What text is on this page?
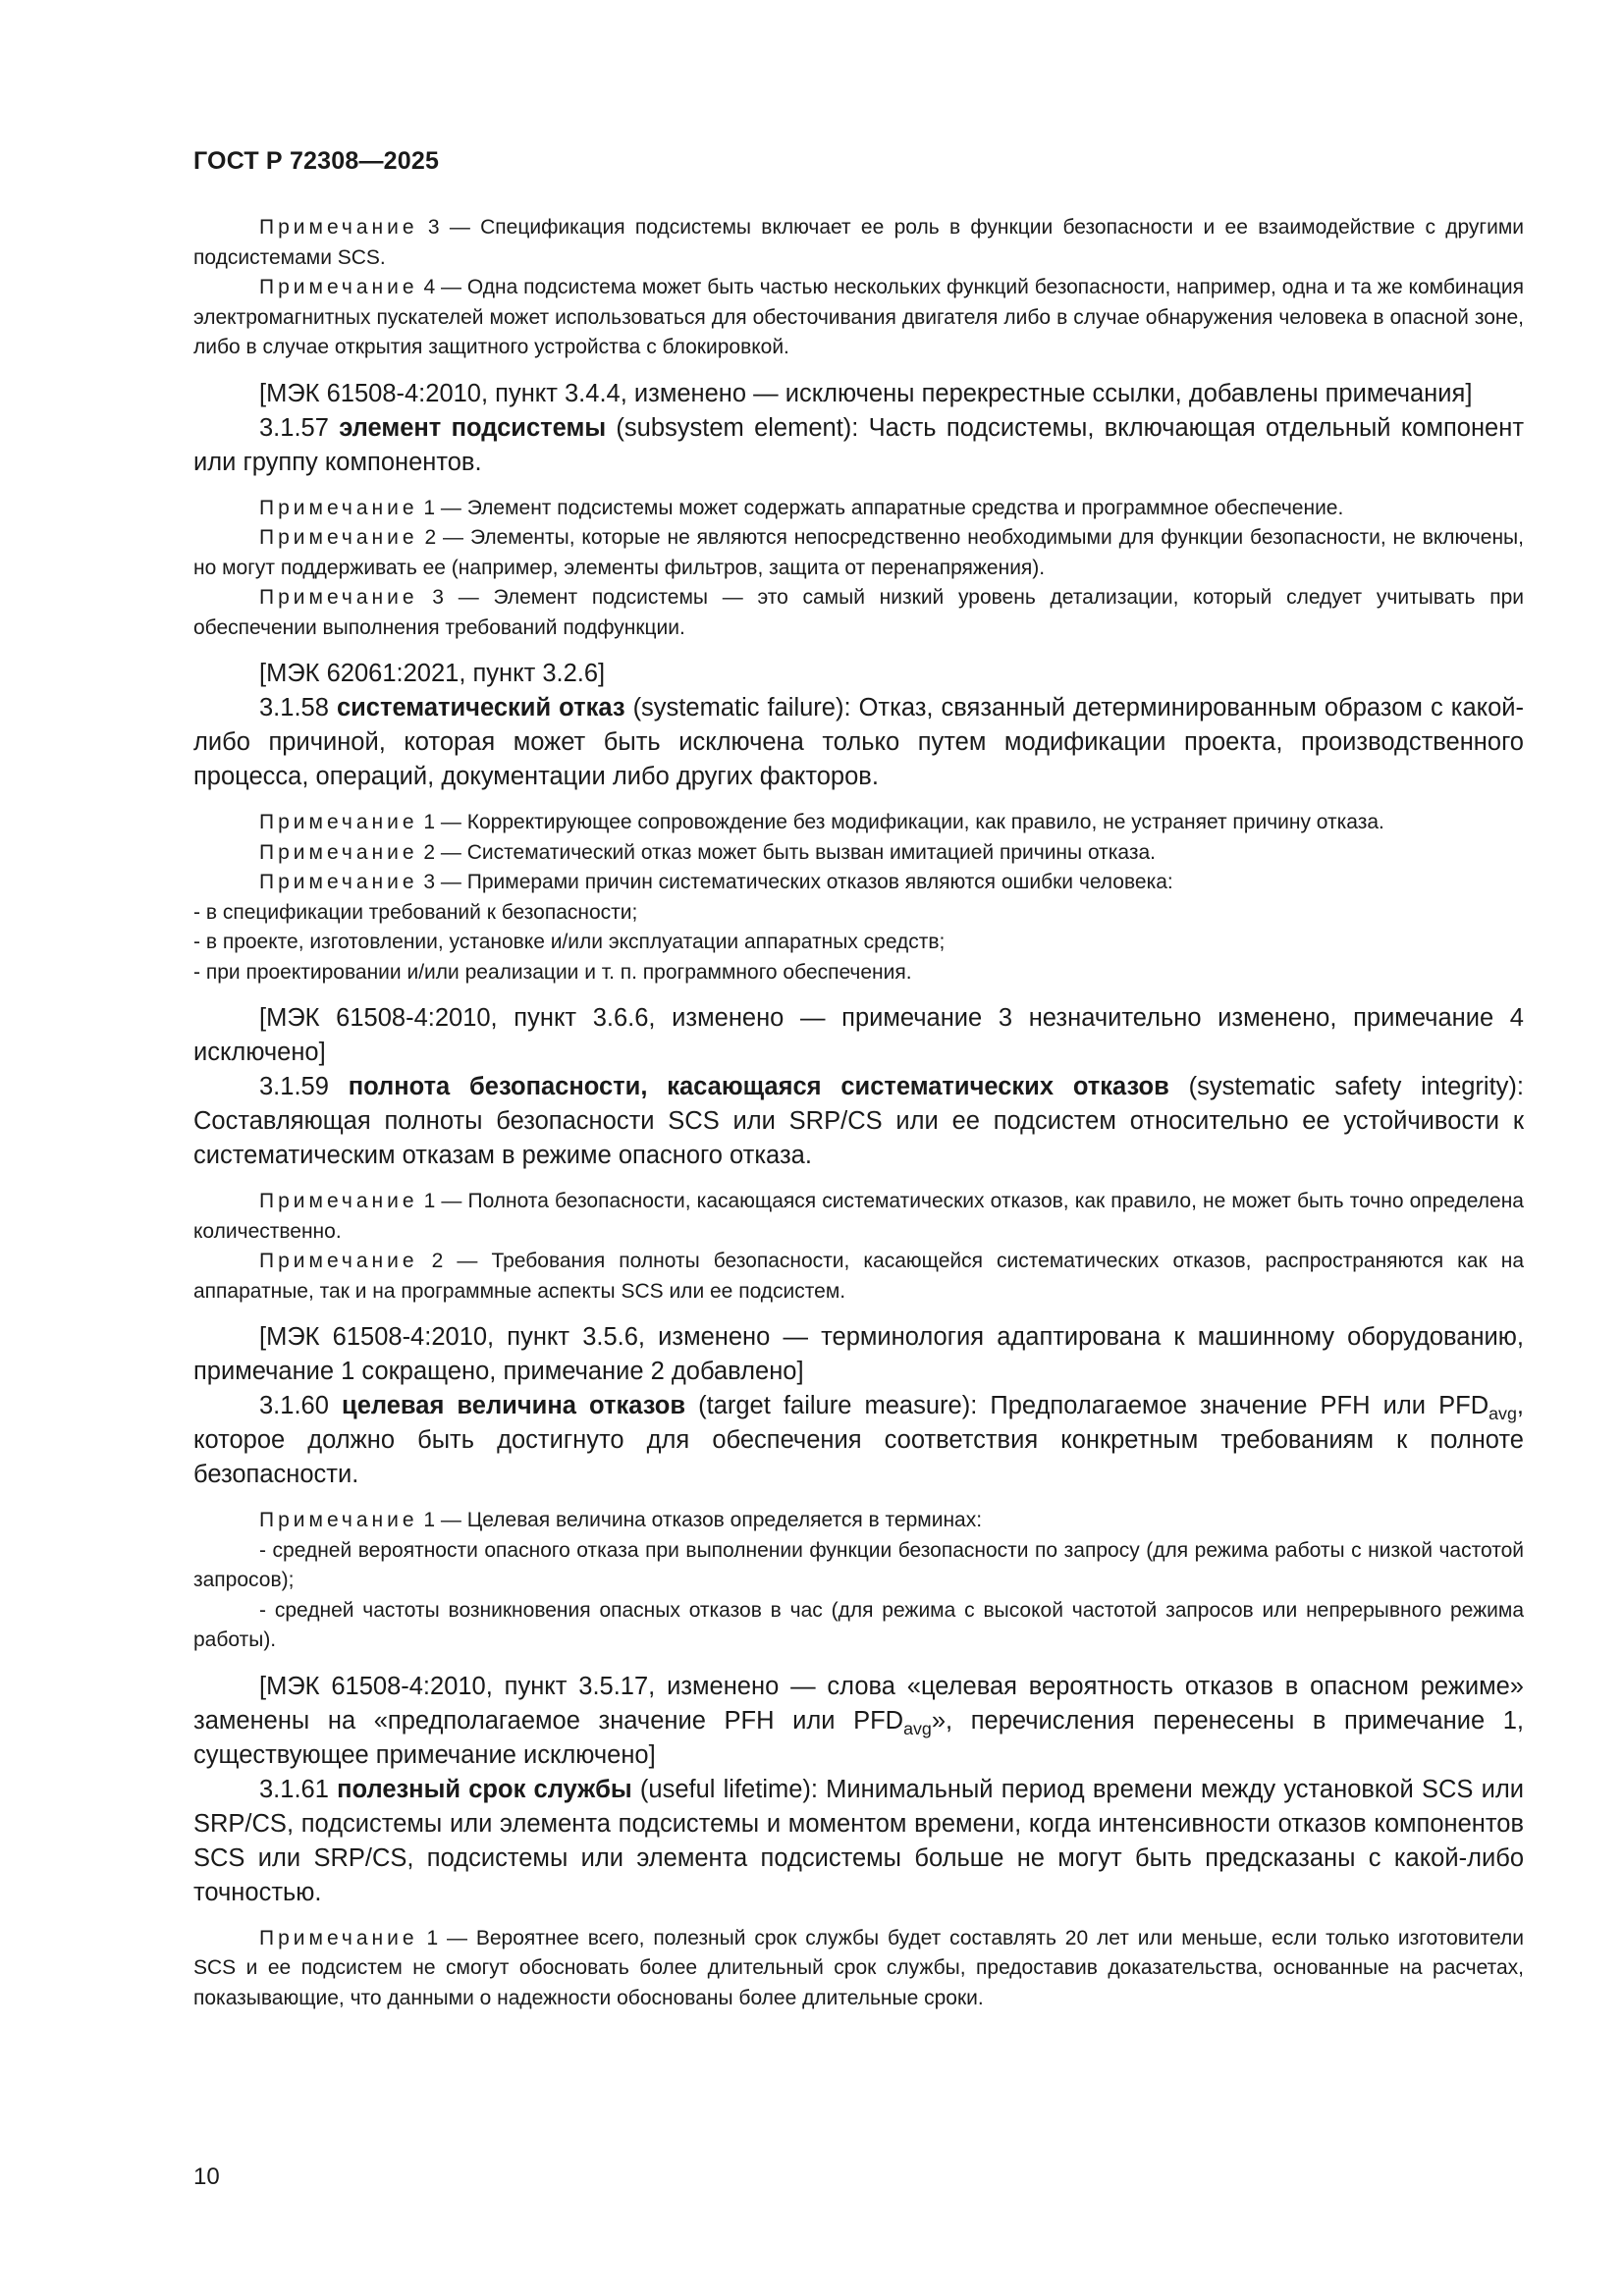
ГОСТ Р 72308—2025

Примечание 3 — Спецификация подсистемы включает ее роль в функции безопасности и ее взаимодействие с другими подсистемами SCS.

Примечание 4 — Одна подсистема может быть частью нескольких функций безопасности, например, одна и та же комбинация электромагнитных пускателей может использоваться для обесточивания двигателя либо в случае обнаружения человека в опасной зоне, либо в случае открытия защитного устройства с блокировкой.

[МЭК 61508-4:2010, пункт 3.4.4, изменено — исключены перекрестные ссылки, добавлены примечания]

3.1.57 элемент подсистемы (subsystem element): Часть подсистемы, включающая отдельный компонент или группу компонентов.

Примечание 1 — Элемент подсистемы может содержать аппаратные средства и программное обеспечение.

Примечание 2 — Элементы, которые не являются непосредственно необходимыми для функции безопасности, не включены, но могут поддерживать ее (например, элементы фильтров, защита от перенапряжения).

Примечание 3 — Элемент подсистемы — это самый низкий уровень детализации, который следует учитывать при обеспечении выполнения требований подфункции.

[МЭК 62061:2021, пункт 3.2.6]

3.1.58 систематический отказ (systematic failure): Отказ, связанный детерминированным образом с какой-либо причиной, которая может быть исключена только путем модификации проекта, производственного процесса, операций, документации либо других факторов.

Примечание 1 — Корректирующее сопровождение без модификации, как правило, не устраняет причину отказа.

Примечание 2 — Систематический отказ может быть вызван имитацией причины отказа.

Примечание 3 — Примерами причин систематических отказов являются ошибки человека:

- в спецификации требований к безопасности;

- в проекте, изготовлении, установке и/или эксплуатации аппаратных средств;

- при проектировании и/или реализации и т. п. программного обеспечения.

[МЭК 61508-4:2010, пункт 3.6.6, изменено — примечание 3 незначительно изменено, примечание 4 исключено]

3.1.59 полнота безопасности, касающаяся систематических отказов (systematic safety integrity): Составляющая полноты безопасности SCS или SRP/CS или ее подсистем относительно ее устойчивости к систематическим отказам в режиме опасного отказа.

Примечание 1 — Полнота безопасности, касающаяся систематических отказов, как правило, не может быть точно определена количественно.

Примечание 2 — Требования полноты безопасности, касающейся систематических отказов, распространяются как на аппаратные, так и на программные аспекты SCS или ее подсистем.

[МЭК 61508-4:2010, пункт 3.5.6, изменено — терминология адаптирована к машинному оборудованию, примечание 1 сокращено, примечание 2 добавлено]

3.1.60 целевая величина отказов (target failure measure): Предполагаемое значение PFH или $PFD_{avg}$, которое должно быть достигнуто для обеспечения соответствия конкретным требованиям к полноте безопасности.

Примечание 1 — Целевая величина отказов определяется в терминах:

- средней вероятности опасного отказа при выполнении функции безопасности по запросу (для режима работы с низкой частотой запросов);

- средней частоты возникновения опасных отказов в час (для режима с высокой частотой запросов или непрерывного режима работы).

[МЭК 61508-4:2010, пункт 3.5.17, изменено — слова «целевая вероятность отказов в опасном режиме» заменены на «предполагаемое значение PFH или $PFD_{avg}$», перечисления перенесены в примечание 1, существующее примечание исключено]

3.1.61 полезный срок службы (useful lifetime): Минимальный период времени между установкой SCS или SRP/CS, подсистемы или элемента подсистемы и моментом времени, когда интенсивности отказов компонентов SCS или SRP/CS, подсистемы или элемента подсистемы больше не могут быть предсказаны с какой-либо точностью.

Примечание 1 — Вероятнее всего, полезный срок службы будет составлять 20 лет или меньше, если только изготовители SCS и ее подсистем не смогут обосновать более длительный срок службы, предоставив доказательства, основанные на расчетах, показывающие, что данными о надежности обоснованы более длительные сроки.

10
